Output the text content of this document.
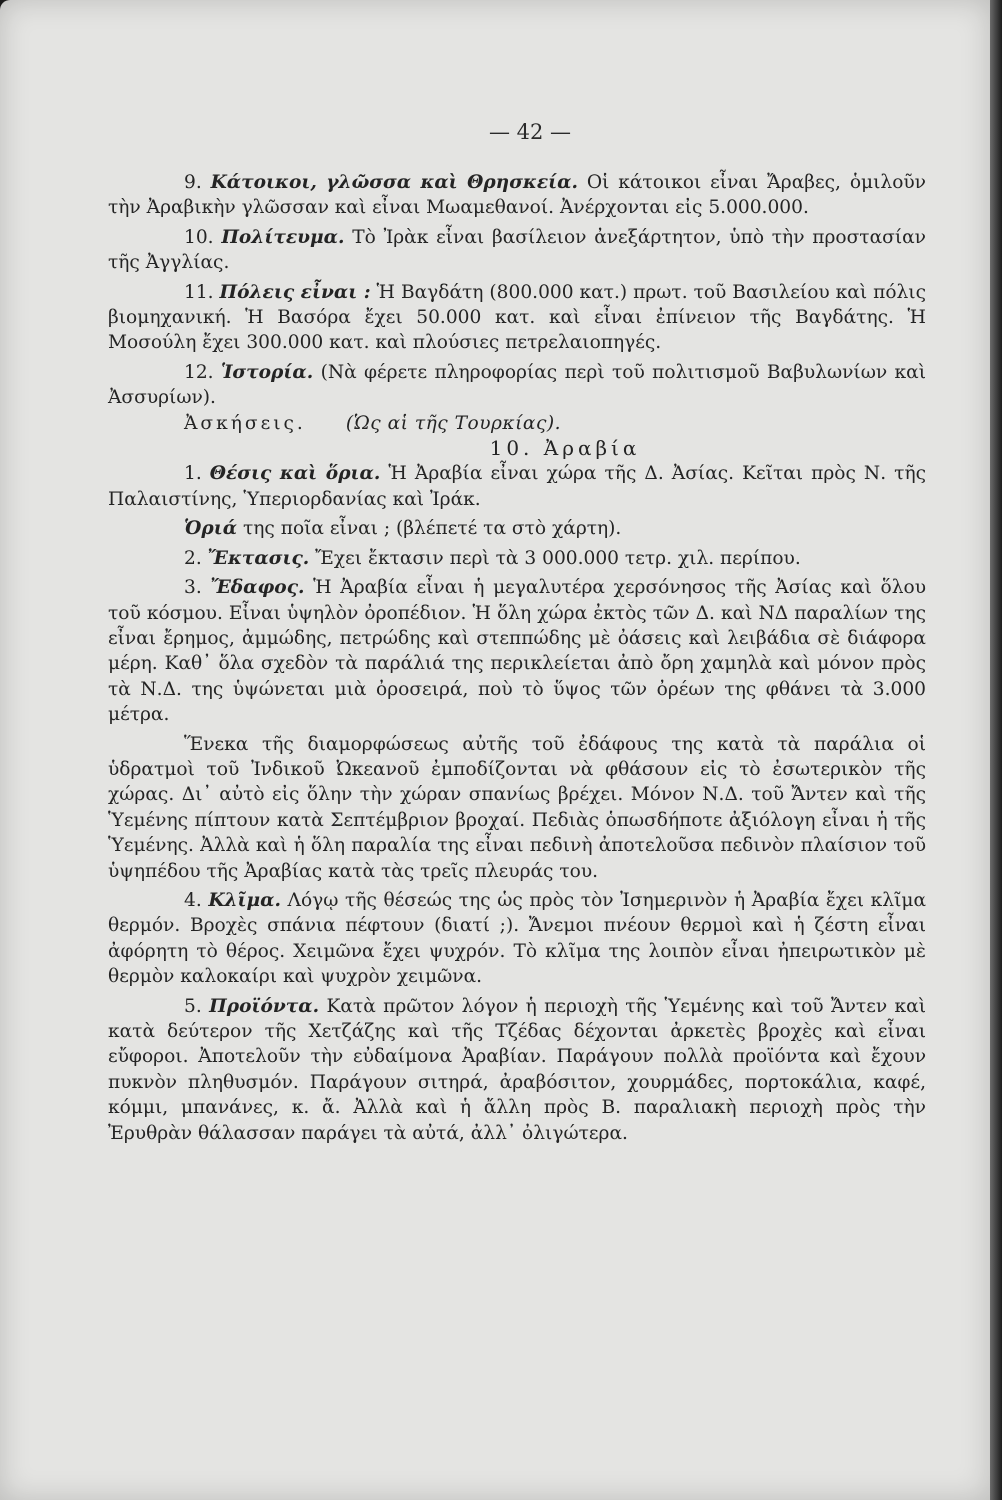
— 42 —

9. Κάτοικοι, γλῶσσα καὶ Θρησκεία. Οἱ κάτοικοι εἶναι Ἄραβες, ὁμιλοῦν τὴν Ἀραβικὴν γλῶσσαν καὶ εἶναι Μωαμεθανοί. Ἀνέρχονται εἰς 5.000.000.

10. Πολίτευμα. Τὸ Ἰρὰκ εἶναι βασίλειον ἀνεξάρτητον, ὑπὸ τὴν προστασίαν τῆς Ἀγγλίας.

11. Πόλεις εἶναι : Ἡ Βαγδάτη (800.000 κατ.) πρωτ. τοῦ Βασιλείου καὶ πόλις βιομηχανική. Ἡ Βασόρα ἔχει 50.000 κατ. καὶ εἶναι ἐπίνειον τῆς Βαγδάτης. Ἡ Μοσούλη ἔχει 300.000 κατ. καὶ πλούσιες πετρελαιοπηγές.

12. Ἱστορία. (Νὰ φέρετε πληροφορίας περὶ τοῦ πολιτισμοῦ Βαβυλωνίων καὶ Ἀσσυρίων).

Ἀσκήσεις. (Ὡς αἱ τῆς Τουρκίας).

10. Ἀραβία

1. Θέσις καὶ ὅρια. Ἡ Ἀραβία εἶναι χώρα τῆς Δ. Ἀσίας. Κεῖται πρὸς Ν. τῆς Παλαιστίνης, Ὑπεριορδανίας καὶ Ἰράκ.

Ὁριά της ποῖα εἶναι ; (βλέπετέ τα στὸ χάρτη).

2. Ἔκτασις. Ἔχει ἔκτασιν περὶ τὰ 3 000.000 τετρ. χιλ. περίπου.

3. Ἔδαφος. Ἡ Ἀραβία εἶναι ἡ μεγαλυτέρα χερσόνησος τῆς Ἀσίας καὶ ὅλου τοῦ κόσμου. Εἶναι ὑψηλὸν ὀροπέδιον. Ἡ ὅλη χώρα ἐκτὸς τῶν Δ. καὶ ΝΔ παραλίων της εἶναι ἔρημος, ἀμμώδης, πετρώδης καὶ στεππώδης μὲ ὀάσεις καὶ λειβάδια σὲ διάφορα μέρη. Καθ᾽ ὅλα σχεδὸν τὰ παράλιά της περικλείεται ἀπὸ ὄρη χαμηλὰ καὶ μόνον πρὸς τὰ Ν.Δ. της ὑψώνεται μιὰ ὀροσειρά, ποὺ τὸ ὕψος τῶν ὀρέων της φθάνει τὰ 3.000 μέτρα.

Ἕνεκα τῆς διαμορφώσεως αὐτῆς τοῦ ἐδάφους της κατὰ τὰ παράλια οἱ ὑδρατμοὶ τοῦ Ἰνδικοῦ Ὠκεανοῦ ἐμποδίζονται νὰ φθάσουν εἰς τὸ ἐσωτερικὸν τῆς χώρας. Δι᾽ αὐτὸ εἰς ὅλην τὴν χώραν σπανίως βρέχει. Μόνον Ν.Δ. τοῦ Ἄντεν καὶ τῆς Ὑεμένης πίπτουν κατὰ Σεπτέμβριον βροχαί. Πεδιὰς ὁπωσδήποτε ἀξιόλογη εἶναι ἡ τῆς Ὑεμένης. Ἀλλὰ καὶ ἡ ὅλη παραλία της εἶναι πεδινὴ ἀποτελοῦσα πεδινὸν πλαίσιον τοῦ ὑψηπέδου τῆς Ἀραβίας κατὰ τὰς τρεῖς πλευράς του.

4. Κλῖμα. Λόγῳ τῆς θέσεώς της ὡς πρὸς τὸν Ἰσημερινὸν ἡ Ἀραβία ἔχει κλῖμα θερμόν. Βροχὲς σπάνια πέφτουν (διατί ;). Ἄνεμοι πνέουν θερμοὶ καὶ ἡ ζέστη εἶναι ἀφόρητη τὸ θέρος. Χειμῶνα ἔχει ψυχρόν. Τὸ κλῖμα της λοιπὸν εἶναι ἠπειρωτικὸν μὲ θερμὸν καλοκαίρι καὶ ψυχρὸν χειμῶνα.

5. Προϊόντα. Κατὰ πρῶτον λόγον ἡ περιοχὴ τῆς Ὑεμένης καὶ τοῦ Ἄντεν καὶ κατὰ δεύτερον τῆς Χετζάζης καὶ τῆς Τζέδας δέχονται ἀρκετὲς βροχὲς καὶ εἶναι εὔφοροι. Ἀποτελοῦν τὴν εὐδαίμονα Ἀραβίαν. Παράγουν πολλὰ προϊόντα καὶ ἔχουν πυκνὸν πληθυσμόν. Παράγουν σιτηρά, ἀραβόσιτον, χουρμάδες, πορτοκάλια, καφέ, κόμμι, μπανάνες, κ. ἄ. Ἀλλὰ καὶ ἡ ἄλλη πρὸς Β. παραλιακὴ περιοχὴ πρὸς τὴν Ἐρυθρὰν θάλασσαν παράγει τὰ αὐτά, ἀλλ᾽ ὀλιγώτερα.
